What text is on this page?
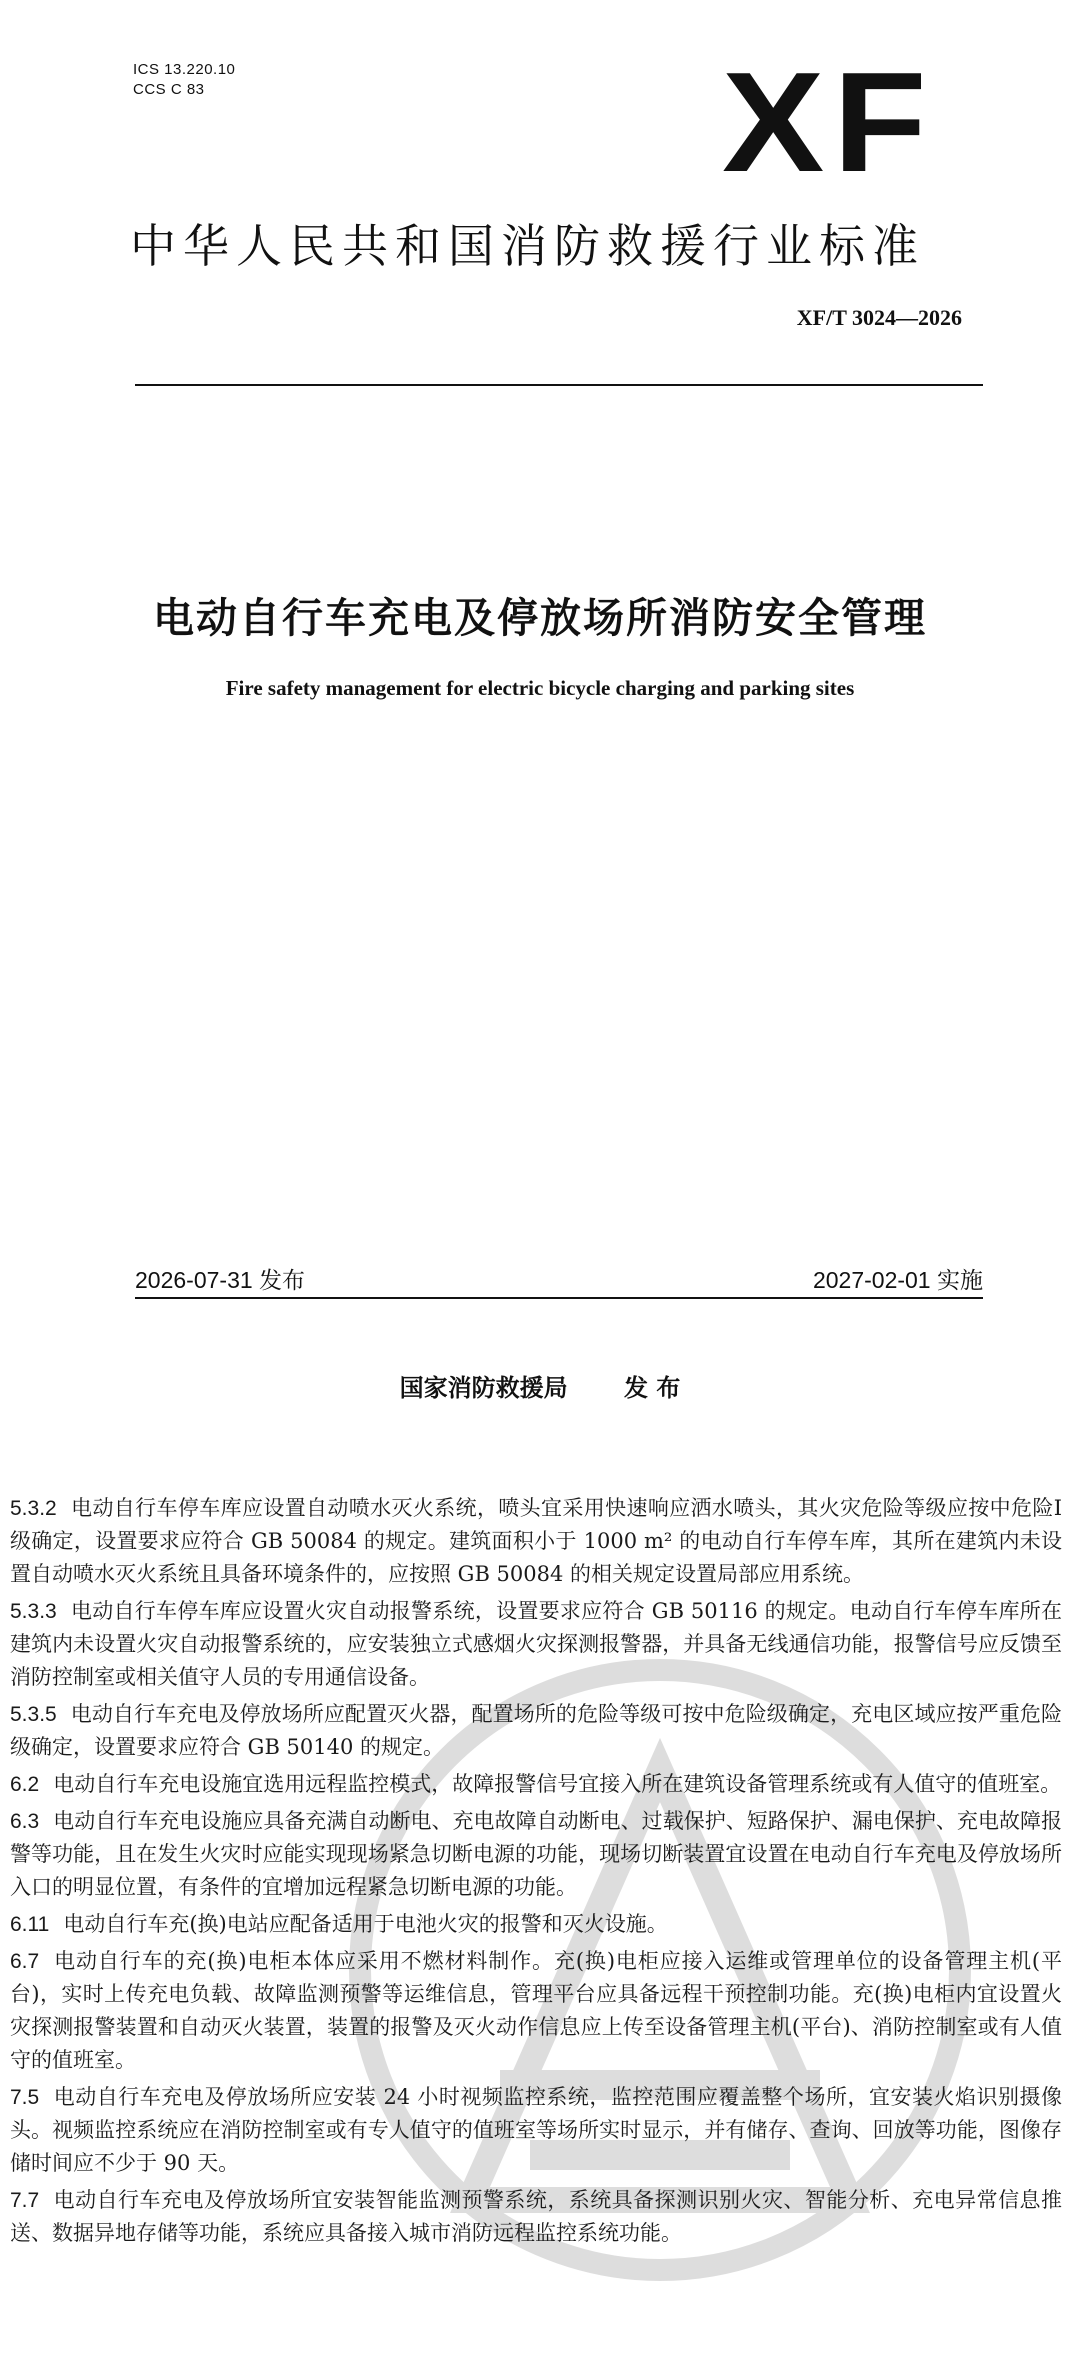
ICS 13.220.10
CCS C 83	XF
中华人民共和国消防救援行业标准
XF/T 3024—2026
电动自行车充电及停放场所消防安全管理
Fire safety management for electric bicycle charging and parking sites
2026-07-31 发布	2027-02-01 实施
国家消防救援局 发 布

5.3.2 电动自行车停车库应设置自动喷水灭火系统，喷头宜采用快速响应洒水喷头，其火灾危险等级应按中危险Ⅰ级确定，设置要求应符合 GB 50084 的规定。建筑面积小于 1000 m² 的电动自行车停车库，其所在建筑内未设置自动喷水灭火系统且具备环境条件的，应按照 GB 50084 的相关规定设置局部应用系统。

5.3.3 电动自行车停车库应设置火灾自动报警系统，设置要求应符合 GB 50116 的规定。电动自行车停车库所在建筑内未设置火灾自动报警系统的，应安装独立式感烟火灾探测报警器，并具备无线通信功能，报警信号应反馈至消防控制室或相关值守人员的专用通信设备。

5.3.5 电动自行车充电及停放场所应配置灭火器，配置场所的危险等级可按中危险级确定，充电区域应按严重危险级确定，设置要求应符合 GB 50140 的规定。

6.2 电动自行车充电设施宜选用远程监控模式，故障报警信号宜接入所在建筑设备管理系统或有人值守的值班室。

6.3 电动自行车充电设施应具备充满自动断电、充电故障自动断电、过载保护、短路保护、漏电保护、充电故障报警等功能，且在发生火灾时应能实现现场紧急切断电源的功能，现场切断装置宜设置在电动自行车充电及停放场所入口的明显位置，有条件的宜增加远程紧急切断电源的功能。

6.11 电动自行车充(换)电站应配备适用于电池火灾的报警和灭火设施。

6.7 电动自行车的充(换)电柜本体应采用不燃材料制作。充(换)电柜应接入运维或管理单位的设备管理主机(平台)，实时上传充电负载、故障监测预警等运维信息，管理平台应具备远程干预控制功能。充(换)电柜内宜设置火灾探测报警装置和自动灭火装置，装置的报警及灭火动作信息应上传至设备管理主机(平台)、消防控制室或有人值守的值班室。

7.5 电动自行车充电及停放场所应安装 24 小时视频监控系统，监控范围应覆盖整个场所，宜安装火焰识别摄像头。视频监控系统应在消防控制室或有专人值守的值班室等场所实时显示，并有储存、查询、回放等功能，图像存储时间应不少于 90 天。

7.7 电动自行车充电及停放场所宜安装智能监测预警系统，系统具备探测识别火灾、智能分析、充电异常信息推送、数据异地存储等功能，系统应具备接入城市消防远程监控系统功能。
